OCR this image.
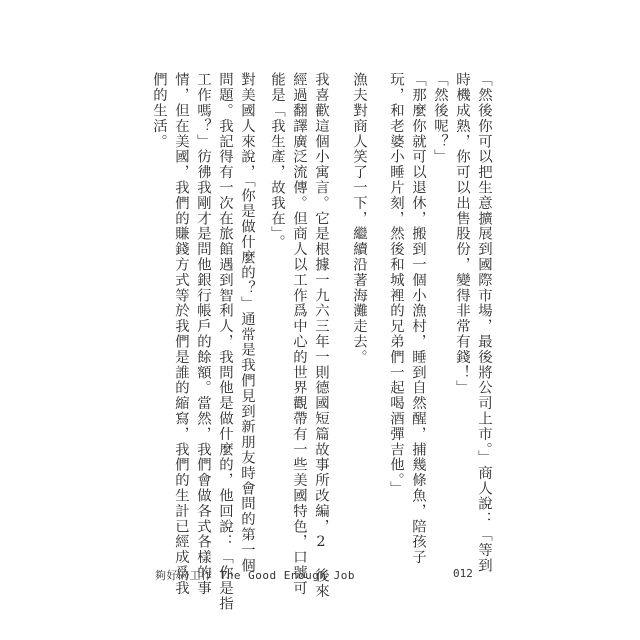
「然後你可以把生意擴展到國際市場，最後將公司上市。」商人說：「等到
時機成熟，你可以出售股份，變得非常有錢！」
「然後呢？」
「那麼你就可以退休，搬到一個小漁村，睡到自然醒，捕幾條魚，陪孩子
玩，和老婆小睡片刻，然後和城裡的兄弟們一起喝酒彈吉他。」
漁夫對商人笑了一下，繼續沿著海灘走去。
我喜歡這個小寓言。它是根據一九六三年一則德國短篇故事所改編，2 後來
經過翻譯廣泛流傳。但商人以工作爲中心的世界觀帶有一些美國特色，口號可
能是「我生產，故我在」。
對美國人來說，「你是做什麼的？」通常是我們見到新朋友時會問的第一個
問題。我記得有一次在旅館遇到智利人，我問他是做什麼的，他回說：「你是指
工作嗎？」彷彿我剛才是問他銀行帳戶的餘額。當然，我們會做各式各樣的事
情，但在美國，我們的賺錢方式等於我們是誰的縮寫，我們的生計已經成爲我
們的生活。
夠好的工作 The Good Enough Job	012
